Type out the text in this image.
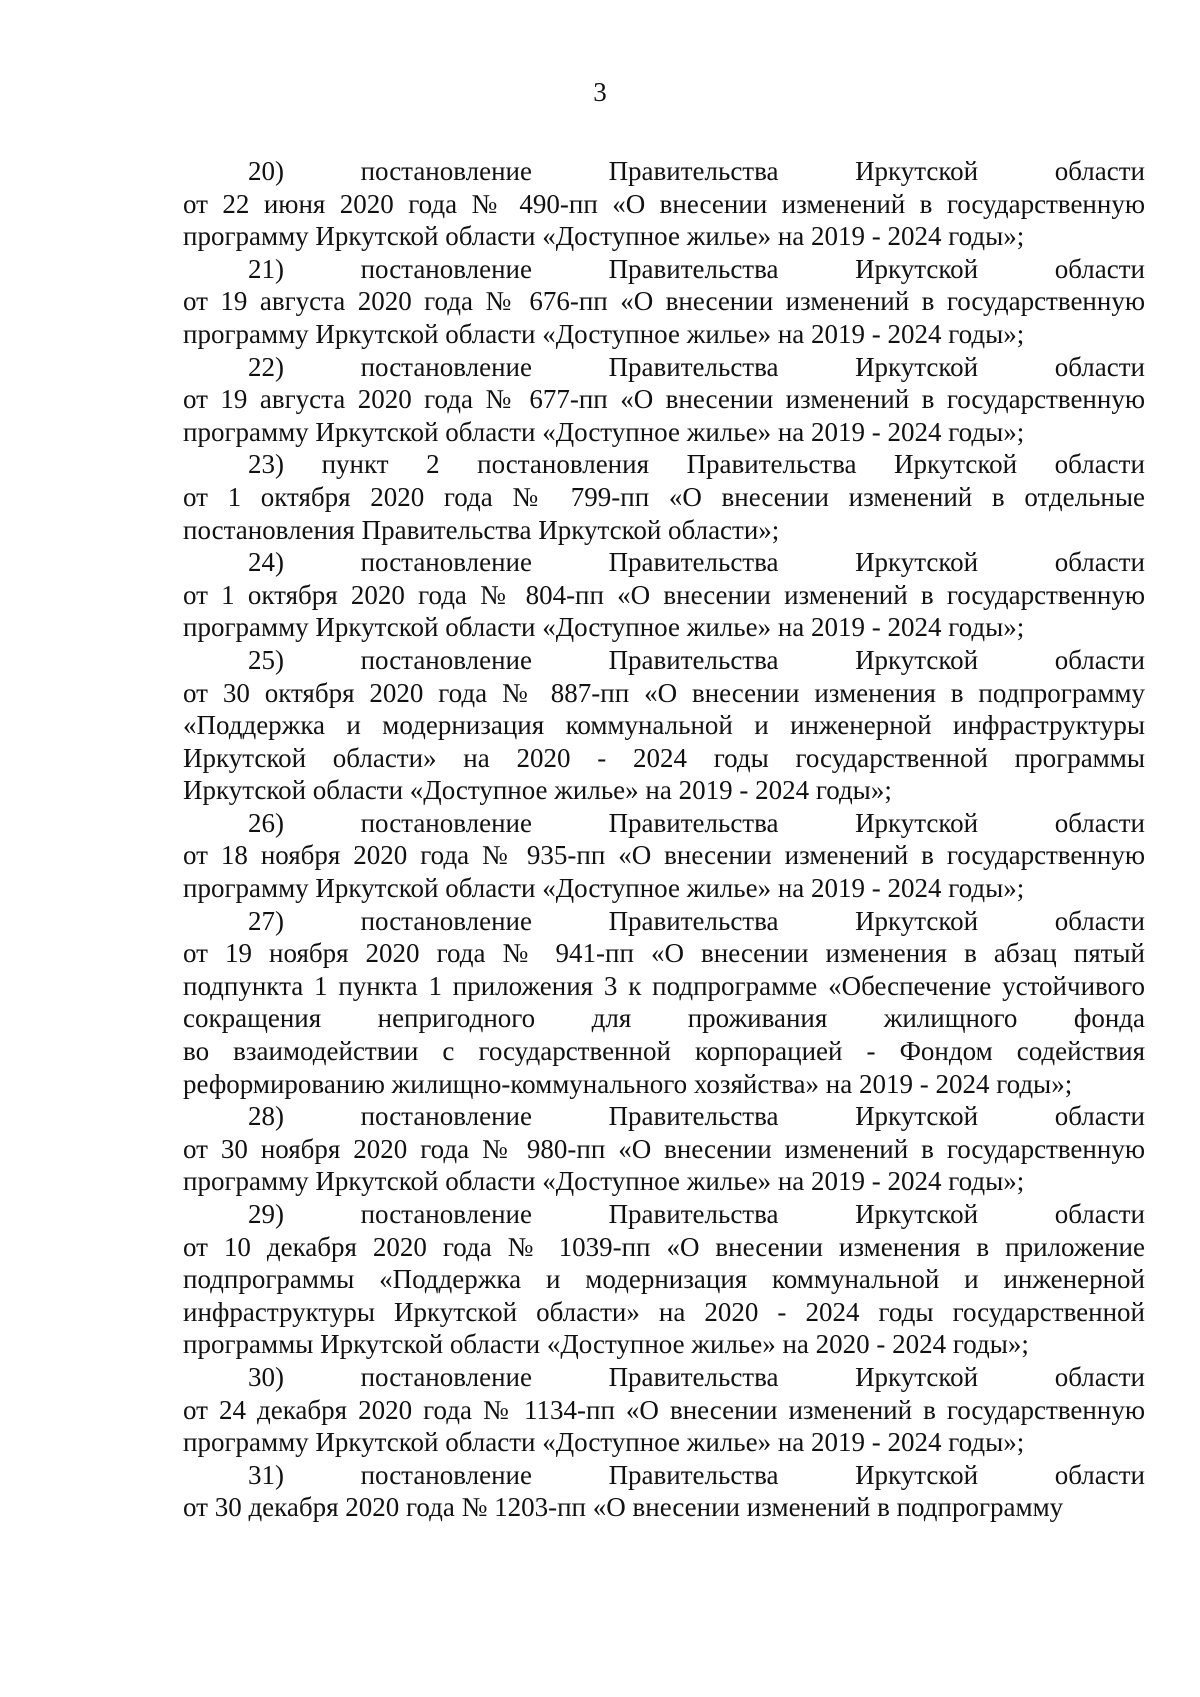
3
20)	постановление	Правительства	Иркутской	области
от 22 июня 2020 года № 490-пп «О внесении изменений в государственную
программу Иркутской области «Доступное жилье» на 2019 - 2024 годы»;
21)	постановление	Правительства	Иркутской	области
от 19 августа 2020 года № 676-пп «О внесении изменений в государственную
программу Иркутской области «Доступное жилье» на 2019 - 2024 годы»;
22)	постановление	Правительства	Иркутской	области
от 19 августа 2020 года № 677-пп «О внесении изменений в государственную
программу Иркутской области «Доступное жилье» на 2019 - 2024 годы»;
23) пункт 2 постановления Правительства Иркутской области
от 1 октября 2020 года № 799-пп «О внесении изменений в отдельные
постановления Правительства Иркутской области»;
24)	постановление	Правительства	Иркутской	области
от 1 октября 2020 года № 804-пп «О внесении изменений в государственную
программу Иркутской области «Доступное жилье» на 2019 - 2024 годы»;
25)	постановление	Правительства	Иркутской	области
от 30 октября 2020 года № 887-пп «О внесении изменения в подпрограмму
«Поддержка и модернизация коммунальной и инженерной инфраструктуры
Иркутской области» на 2020 - 2024 годы государственной программы
Иркутской области «Доступное жилье» на 2019 - 2024 годы»;
26)	постановление	Правительства	Иркутской	области
от 18 ноября 2020 года № 935-пп «О внесении изменений в государственную
программу Иркутской области «Доступное жилье» на 2019 - 2024 годы»;
27)	постановление	Правительства	Иркутской	области
от 19 ноября 2020 года № 941-пп «О внесении изменения в абзац пятый
подпункта 1 пункта 1 приложения 3 к подпрограмме «Обеспечение устойчивого
сокращения непригодного для проживания жилищного фонда
во взаимодействии с государственной корпорацией - Фондом содействия
реформированию жилищно-коммунального хозяйства» на 2019 - 2024 годы»;
28)	постановление	Правительства	Иркутской	области
от 30 ноября 2020 года № 980-пп «О внесении изменений в государственную
программу Иркутской области «Доступное жилье» на 2019 - 2024 годы»;
29)	постановление	Правительства	Иркутской	области
от 10 декабря 2020 года № 1039-пп «О внесении изменения в приложение
подпрограммы «Поддержка и модернизация коммунальной и инженерной
инфраструктуры Иркутской области» на 2020 - 2024 годы государственной
программы Иркутской области «Доступное жилье» на 2020 - 2024 годы»;
30)	постановление	Правительства	Иркутской	области
от 24 декабря 2020 года № 1134-пп «О внесении изменений в государственную
программу Иркутской области «Доступное жилье» на 2019 - 2024 годы»;
31)	постановление	Правительства	Иркутской	области
от 30 декабря 2020 года № 1203-пп «О внесении изменений в подпрограмму
